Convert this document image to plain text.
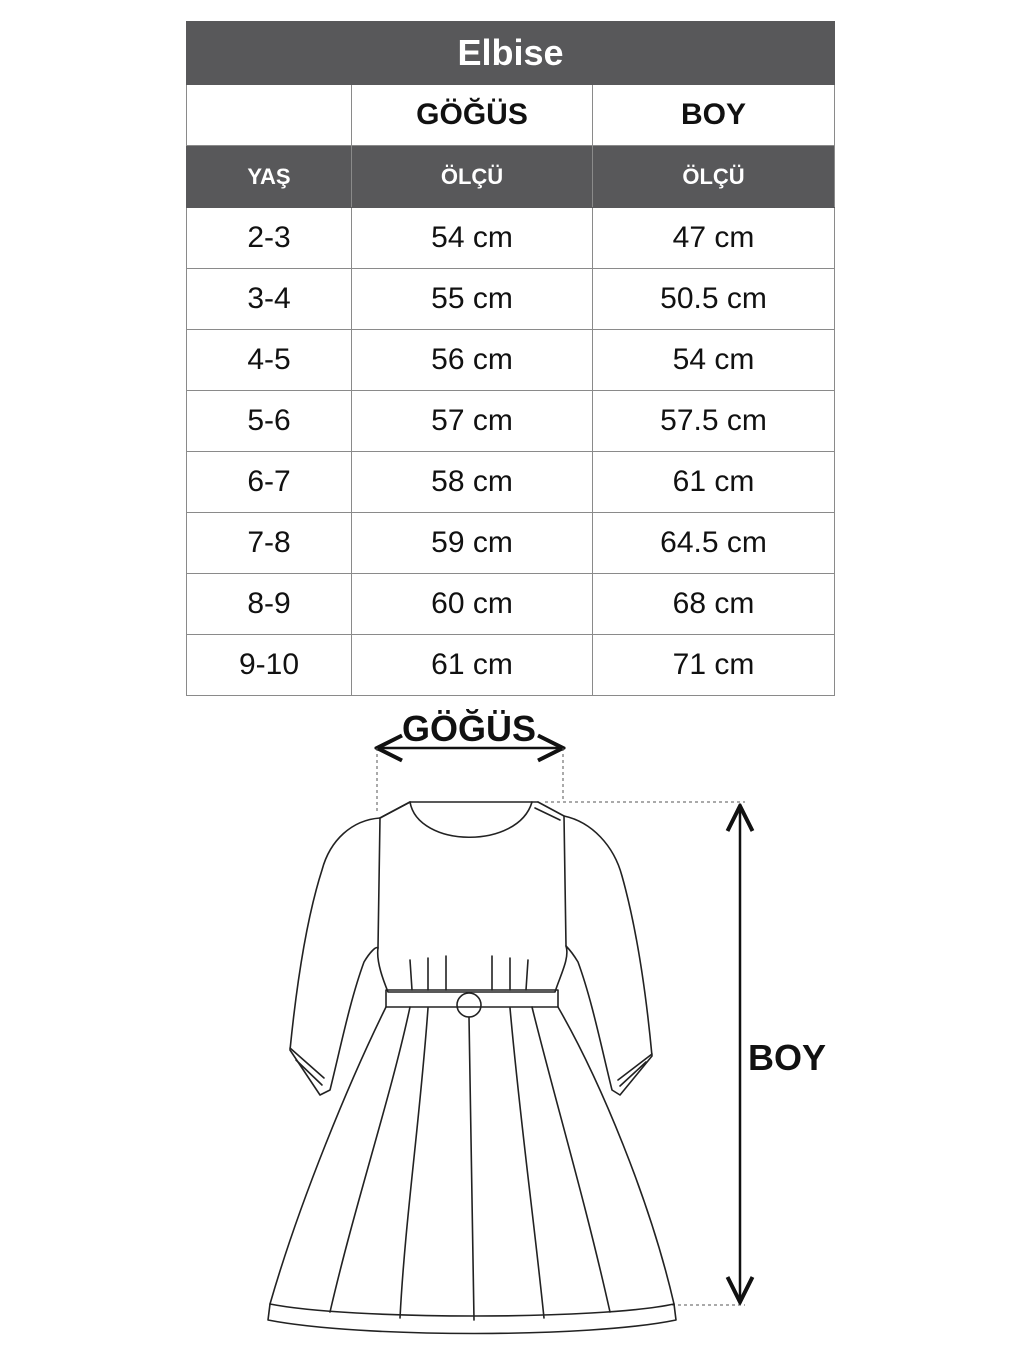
Elbise		
	GÖĞÜS	BOY
YAŞ	ÖLÇÜ	ÖLÇÜ
2-3	54 cm	47 cm
3-4	55 cm	50.5 cm
4-5	56 cm	54 cm
5-6	57 cm	57.5 cm
6-7	58 cm	61 cm
7-8	59 cm	64.5 cm
8-9	60 cm	68 cm
9-10	61 cm	71 cm
GÖĞÜS
BOY
